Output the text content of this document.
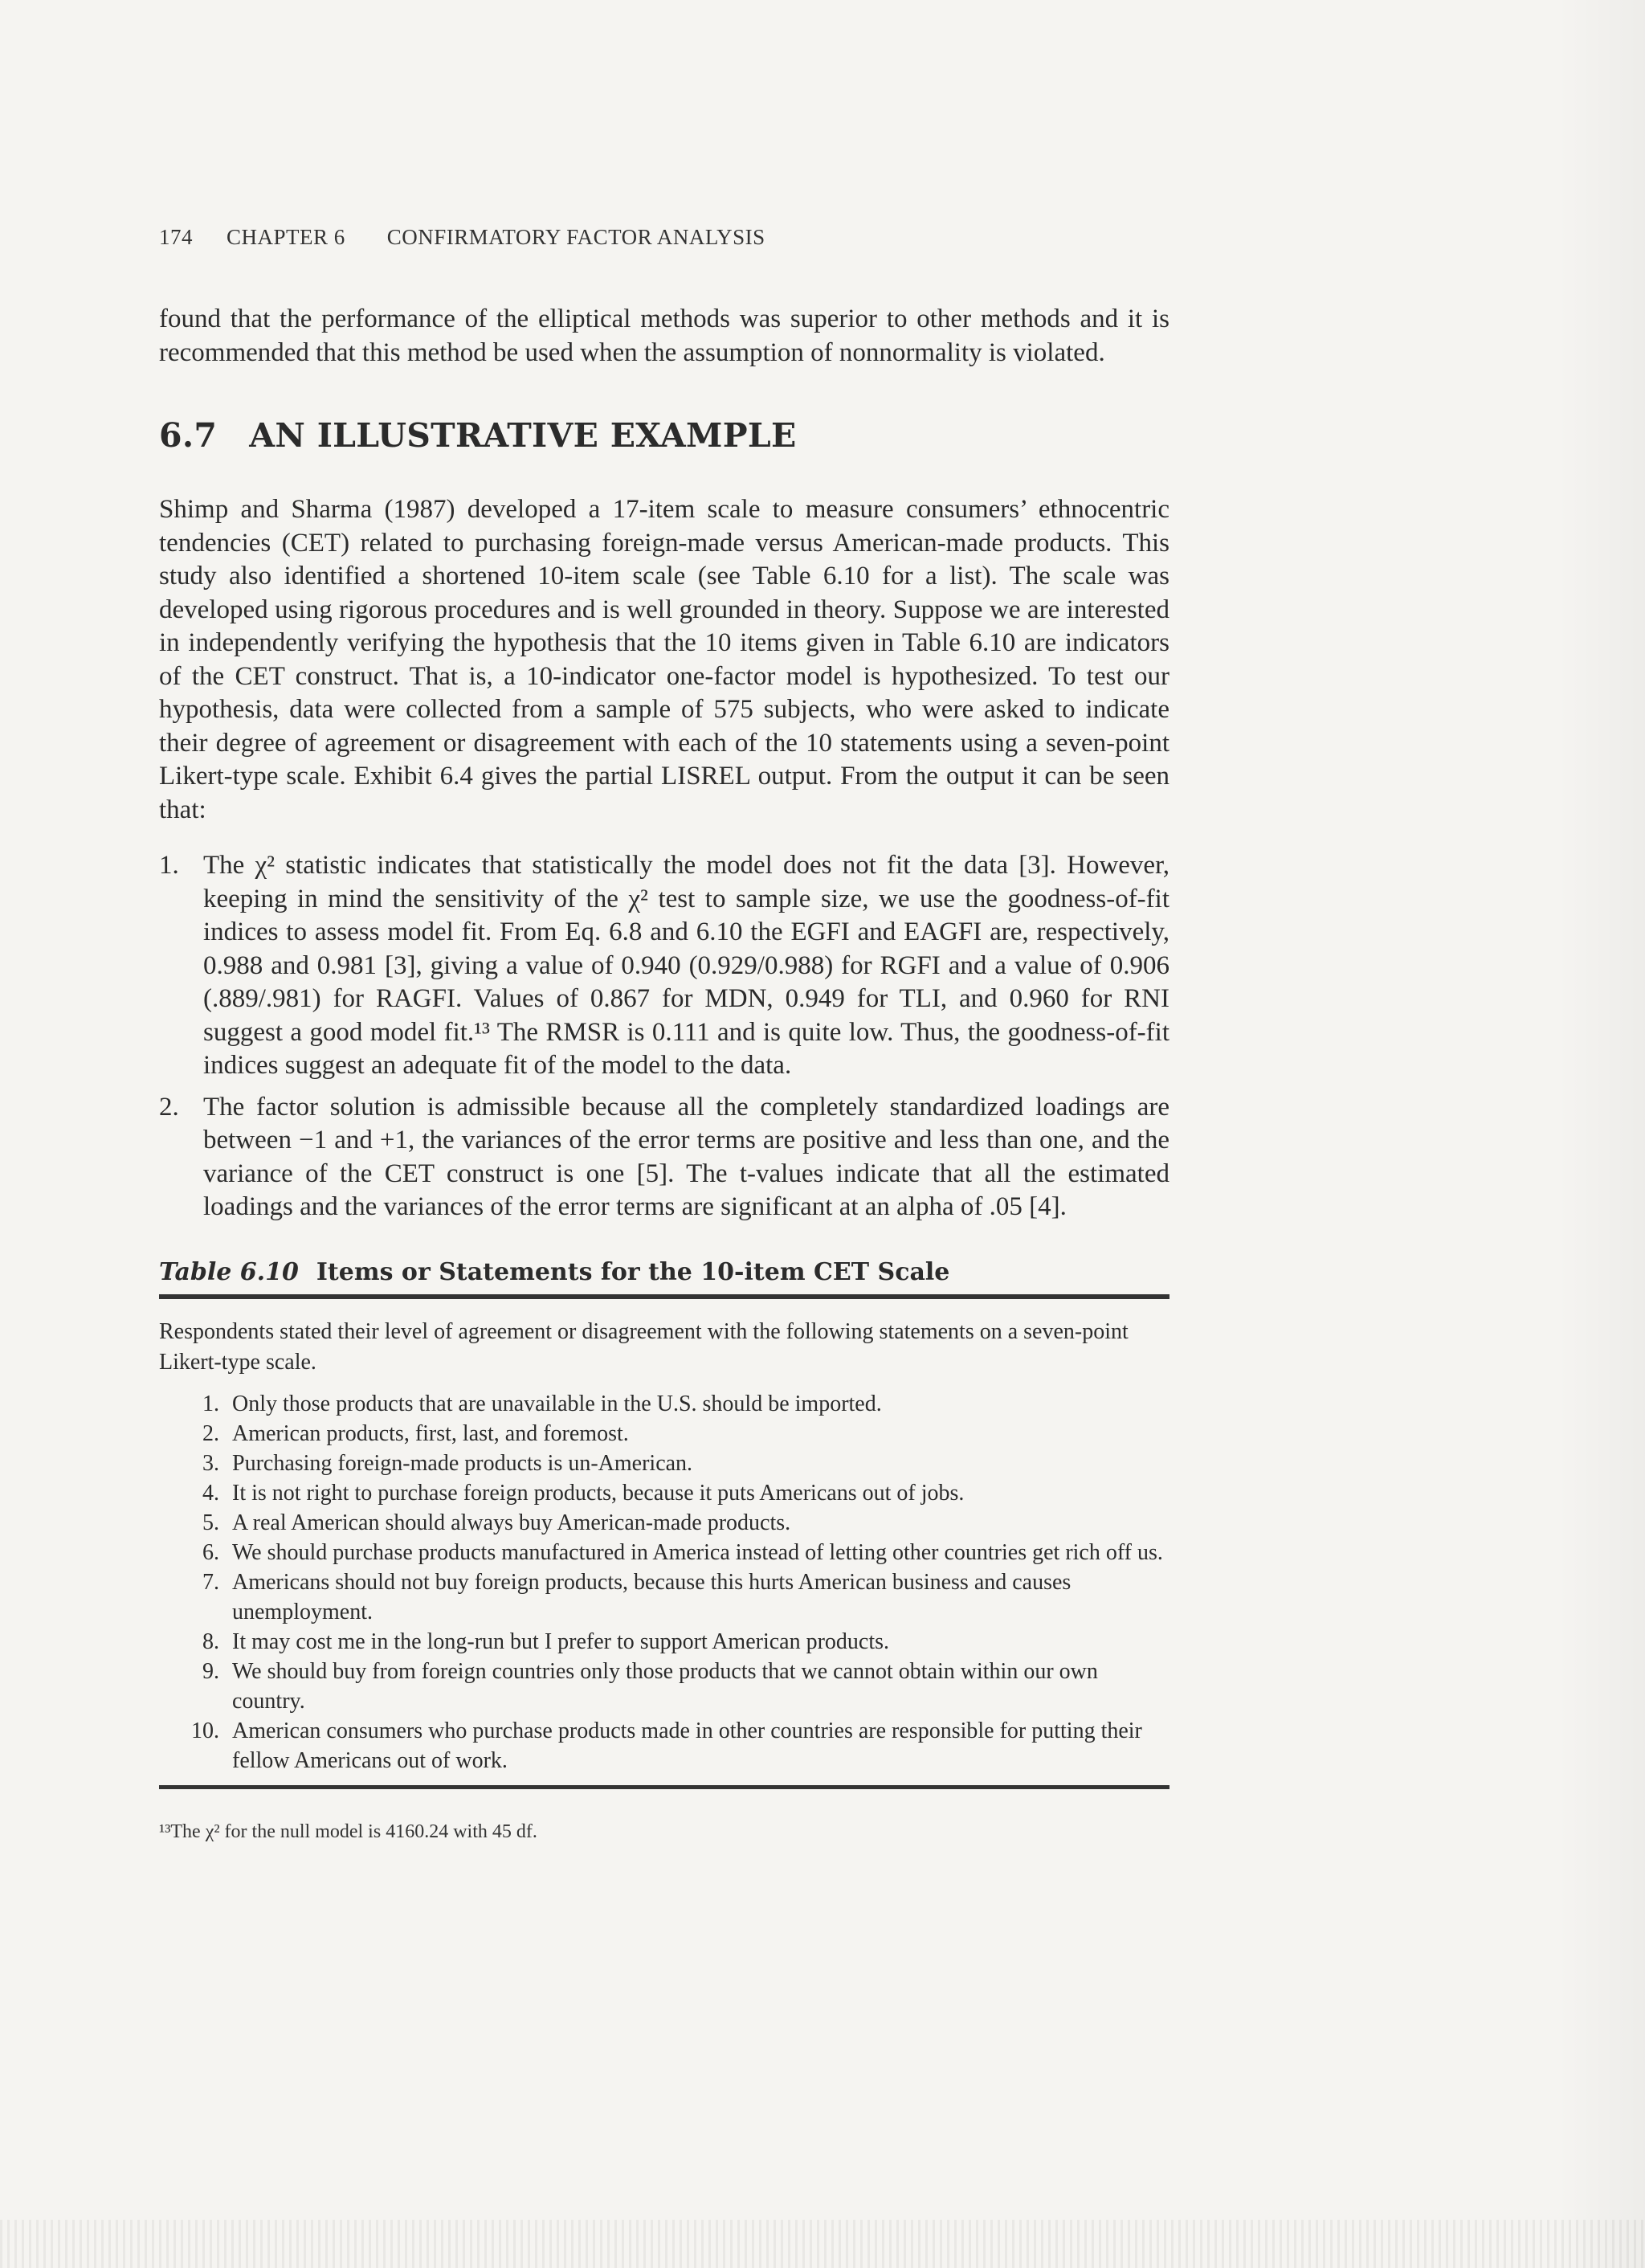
174 CHAPTER 6 CONFIRMATORY FACTOR ANALYSIS

found that the performance of the elliptical methods was superior to other methods and it is recommended that this method be used when the assumption of nonnormality is violated.

6.7 AN ILLUSTRATIVE EXAMPLE

Shimp and Sharma (1987) developed a 17-item scale to measure consumers’ ethnocentric tendencies (CET) related to purchasing foreign-made versus American-made products. This study also identified a shortened 10-item scale (see Table 6.10 for a list). The scale was developed using rigorous procedures and is well grounded in theory. Suppose we are interested in independently verifying the hypothesis that the 10 items given in Table 6.10 are indicators of the CET construct. That is, a 10-indicator one-factor model is hypothesized. To test our hypothesis, data were collected from a sample of 575 subjects, who were asked to indicate their degree of agreement or disagreement with each of the 10 statements using a seven-point Likert-type scale. Exhibit 6.4 gives the partial LISREL output. From the output it can be seen that:

1. The χ² statistic indicates that statistically the model does not fit the data [3]. However, keeping in mind the sensitivity of the χ² test to sample size, we use the goodness-of-fit indices to assess model fit. From Eq. 6.8 and 6.10 the EGFI and EAGFI are, respectively, 0.988 and 0.981 [3], giving a value of 0.940 (0.929/0.988) for RGFI and a value of 0.906 (.889/.981) for RAGFI. Values of 0.867 for MDN, 0.949 for TLI, and 0.960 for RNI suggest a good model fit.¹³ The RMSR is 0.111 and is quite low. Thus, the goodness-of-fit indices suggest an adequate fit of the model to the data.
2. The factor solution is admissible because all the completely standardized loadings are between −1 and +1, the variances of the error terms are positive and less than one, and the variance of the CET construct is one [5]. The t-values indicate that all the estimated loadings and the variances of the error terms are significant at an alpha of .05 [4].
Table 6.10 Items or Statements for the 10-item CET Scale
Respondents stated their level of agreement or disagreement with the following statements on a seven-point Likert-type scale.
1. Only those products that are unavailable in the U.S. should be imported.
2. American products, first, last, and foremost.
3. Purchasing foreign-made products is un-American.
4. It is not right to purchase foreign products, because it puts Americans out of jobs.
5. A real American should always buy American-made products.
6. We should purchase products manufactured in America instead of letting other countries get rich off us.
7. Americans should not buy foreign products, because this hurts American business and causes unemployment.
8. It may cost me in the long-run but I prefer to support American products.
9. We should buy from foreign countries only those products that we cannot obtain within our own country.
10. American consumers who purchase products made in other countries are responsible for putting their fellow Americans out of work.
¹³The χ² for the null model is 4160.24 with 45 df.
